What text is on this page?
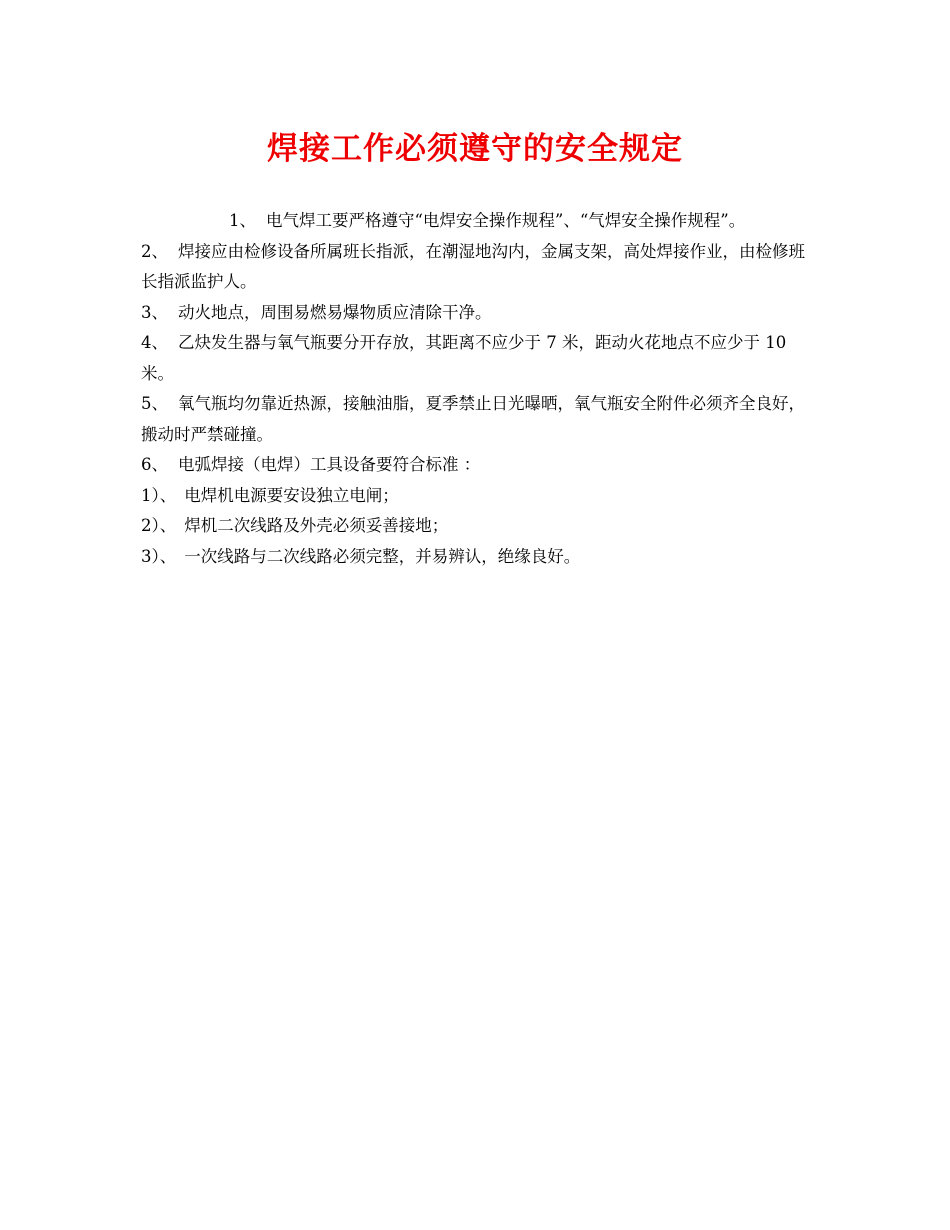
焊接工作必须遵守的安全规定

1、 电气焊工要严格遵守“电焊安全操作规程”、“气焊安全操作规程”。

2、 焊接应由检修设备所属班长指派，在潮湿地沟内，金属支架，高处焊接作业，由检修班长指派监护人。

3、 动火地点，周围易燃易爆物质应清除干净。

4、 乙炔发生器与氧气瓶要分开存放，其距离不应少于 7 米，距动火花地点不应少于 10 米。

5、 氧气瓶均勿靠近热源，接触油脂，夏季禁止日光曝晒，氧气瓶安全附件必须齐全良好，搬动时严禁碰撞。

6、 电弧焊接（电焊）工具设备要符合标准 ：

1）、 电焊机电源要安设独立电闸；

2）、 焊机二次线路及外壳必须妥善接地；

3）、 一次线路与二次线路必须完整，并易辨认，绝缘良好。
